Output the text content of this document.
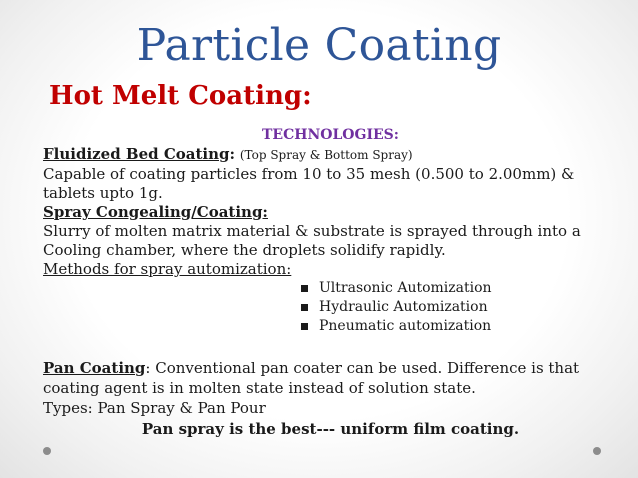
Particle Coating
Hot Melt Coating:
TECHNOLOGIES:
Fluidized Bed Coating: (Top Spray & Bottom Spray)
Capable of coating particles from 10 to 35 mesh (0.500 to 2.00mm) &
tablets upto 1g.
Spray Congealing/Coating:
Slurry of molten matrix material & substrate is sprayed through into a
Cooling chamber, where the droplets solidify rapidly.
Methods for spray automization:
Ultrasonic Automization
Hydraulic Automization
Pneumatic automization
Pan Coating: Conventional pan coater can be used. Difference is that
coating agent is in molten state instead of solution state.
Types: Pan Spray & Pan Pour
Pan spray is the best--- uniform film coating.
